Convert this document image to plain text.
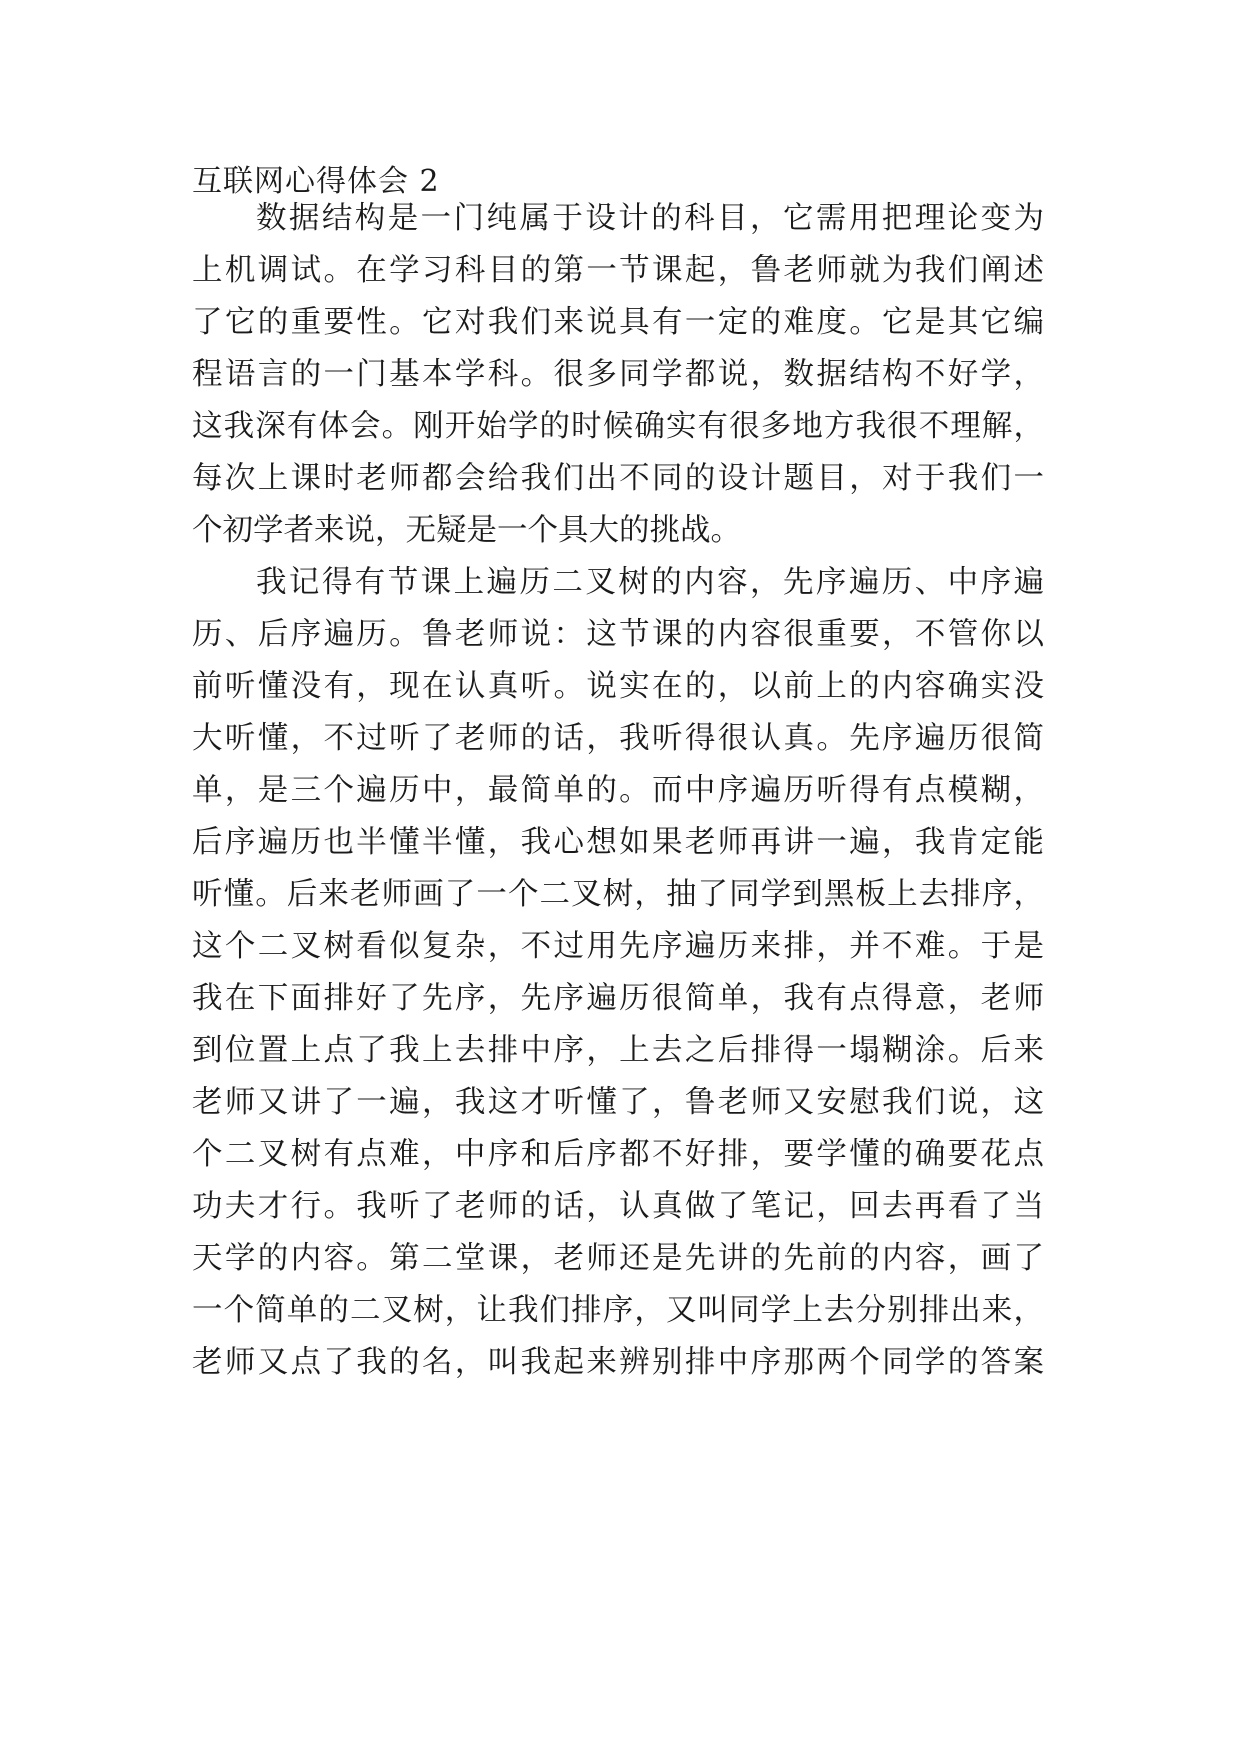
互联网心得体会 2

数据结构是一门纯属于设计的科目，它需用把理论变为

上机调试。在学习科目的第一节课起，鲁老师就为我们阐述

了它的重要性。它对我们来说具有一定的难度。它是其它编

程语言的一门基本学科。很多同学都说，数据结构不好学，

这我深有体会。刚开始学的时候确实有很多地方我很不理解，

每次上课时老师都会给我们出不同的设计题目，对于我们一

个初学者来说，无疑是一个具大的挑战。

我记得有节课上遍历二叉树的内容，先序遍历、中序遍

历、后序遍历。鲁老师说：这节课的内容很重要，不管你以

前听懂没有，现在认真听。说实在的，以前上的内容确实没

大听懂，不过听了老师的话，我听得很认真。先序遍历很简

单，是三个遍历中，最简单的。而中序遍历听得有点模糊，

后序遍历也半懂半懂，我心想如果老师再讲一遍，我肯定能

听懂。后来老师画了一个二叉树，抽了同学到黑板上去排序，

这个二叉树看似复杂，不过用先序遍历来排，并不难。于是

我在下面排好了先序，先序遍历很简单，我有点得意，老师

到位置上点了我上去排中序，上去之后排得一塌糊涂。后来

老师又讲了一遍，我这才听懂了，鲁老师又安慰我们说，这

个二叉树有点难，中序和后序都不好排，要学懂的确要花点

功夫才行。我听了老师的话，认真做了笔记，回去再看了当

天学的内容。第二堂课，老师还是先讲的先前的内容，画了

一个简单的二叉树，让我们排序，又叫同学上去分别排出来，

老师又点了我的名，叫我起来辨别排中序那两个同学的答案
